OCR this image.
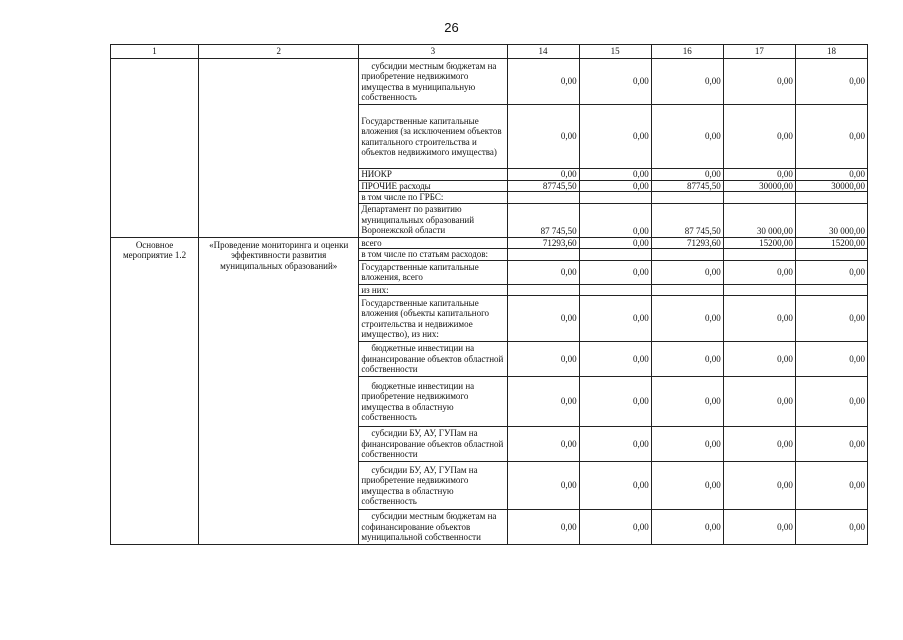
26
1	2	3	14	15	16	17	18
		субсидии местным бюджетам на приобретение недвижимого имущества в муниципальную собственность	0,00	0,00	0,00	0,00	0,00
		Государственные капитальные вложения (за исключением объектов капитального строительства и объектов недвижимого имущества)	0,00	0,00	0,00	0,00	0,00
		НИОКР	0,00	0,00	0,00	0,00	0,00
		ПРОЧИЕ расходы	87745,50	0,00	87745,50	30000,00	30000,00
		в том числе по ГРБС:					
		Департамент по развитию муниципальных образований Воронежской области	87 745,50	0,00	87 745,50	30 000,00	30 000,00
Основное мероприятие 1.2	«Проведение мониторинга и оценки эффективности развития муниципальных образований»	всего	71293,60	0,00	71293,60	15200,00	15200,00
		в том числе по статьям расходов:					
		Государственные капитальные вложения, всего	0,00	0,00	0,00	0,00	0,00
		из них:					
		Государственные капитальные вложения (объекты капитального строительства и недвижимое имущество), из них:	0,00	0,00	0,00	0,00	0,00
		бюджетные инвестиции на финансирование объектов областной собственности	0,00	0,00	0,00	0,00	0,00
		бюджетные инвестиции на приобретение недвижимого имущества в областную собственность	0,00	0,00	0,00	0,00	0,00
		субсидии БУ, АУ, ГУПам на финансирование объектов областной собственности	0,00	0,00	0,00	0,00	0,00
		субсидии БУ, АУ, ГУПам на приобретение недвижимого имущества в областную собственность	0,00	0,00	0,00	0,00	0,00
		субсидии местным бюджетам на софинансирование объектов муниципальной собственности	0,00	0,00	0,00	0,00	0,00
